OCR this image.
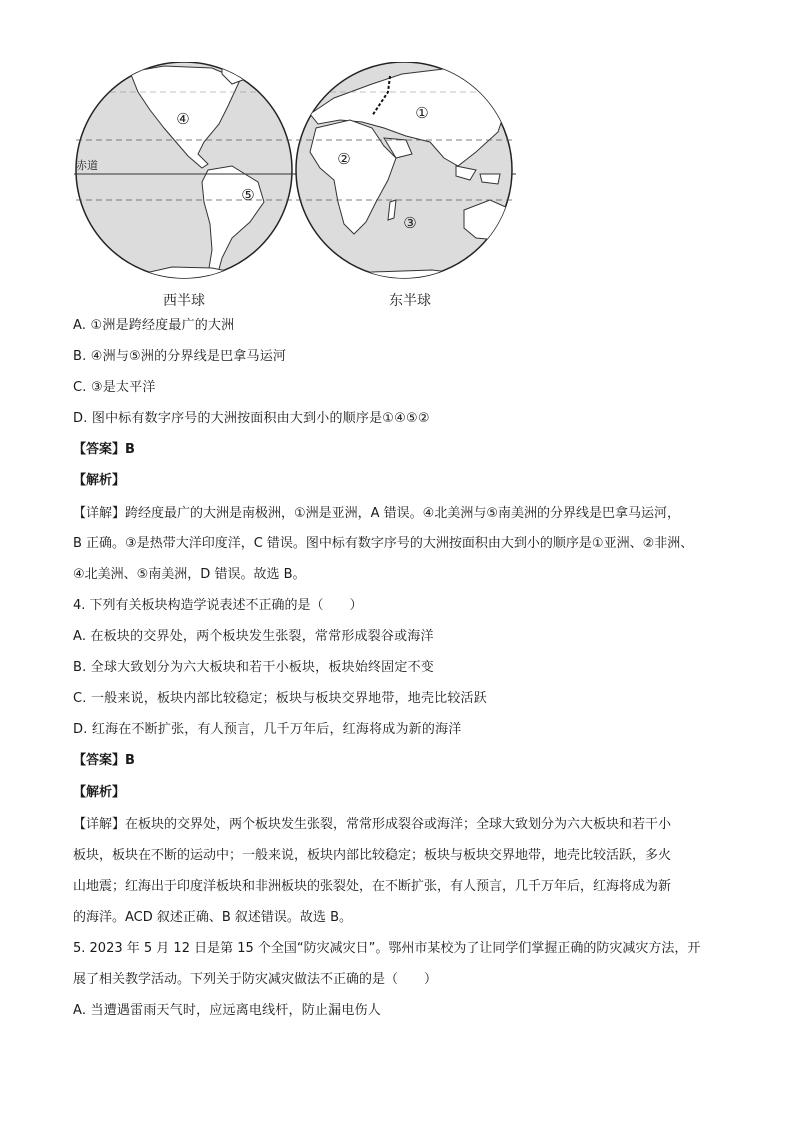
赤道
④
⑤
西半球
①
②
③
东半球
A. ①洲是跨经度最广的大洲
B. ④洲与⑤洲的分界线是巴拿马运河
C. ③是太平洋
D. 图中标有数字序号的大洲按面积由大到小的顺序是①④⑤②
【答案】B
【解析】
【详解】跨经度最广的大洲是南极洲，①洲是亚洲，A 错误。④北美洲与⑤南美洲的分界线是巴拿马运河，
B 正确。③是热带大洋印度洋，C 错误。图中标有数字序号的大洲按面积由大到小的顺序是①亚洲、②非洲、
④北美洲、⑤南美洲，D 错误。故选 B。
4. 下列有关板块构造学说表述不正确的是（　　）
A. 在板块的交界处，两个板块发生张裂，常常形成裂谷或海洋
B. 全球大致划分为六大板块和若干小板块，板块始终固定不变
C. 一般来说，板块内部比较稳定；板块与板块交界地带，地壳比较活跃
D. 红海在不断扩张，有人预言，几千万年后，红海将成为新的海洋
【答案】B
【解析】
【详解】在板块的交界处，两个板块发生张裂，常常形成裂谷或海洋；全球大致划分为六大板块和若干小
板块，板块在不断的运动中；一般来说，板块内部比较稳定；板块与板块交界地带，地壳比较活跃，多火
山地震；红海出于印度洋板块和非洲板块的张裂处，在不断扩张，有人预言，几千万年后，红海将成为新
的海洋。ACD 叙述正确、B 叙述错误。故选 B。
5. 2023 年 5 月 12 日是第 15 个全国“防灾减灾日”。鄂州市某校为了让同学们掌握正确的防灾减灾方法，开
展了相关教学活动。下列关于防灾减灾做法不正确的是（　　）
A. 当遭遇雷雨天气时，应远离电线杆，防止漏电伤人
